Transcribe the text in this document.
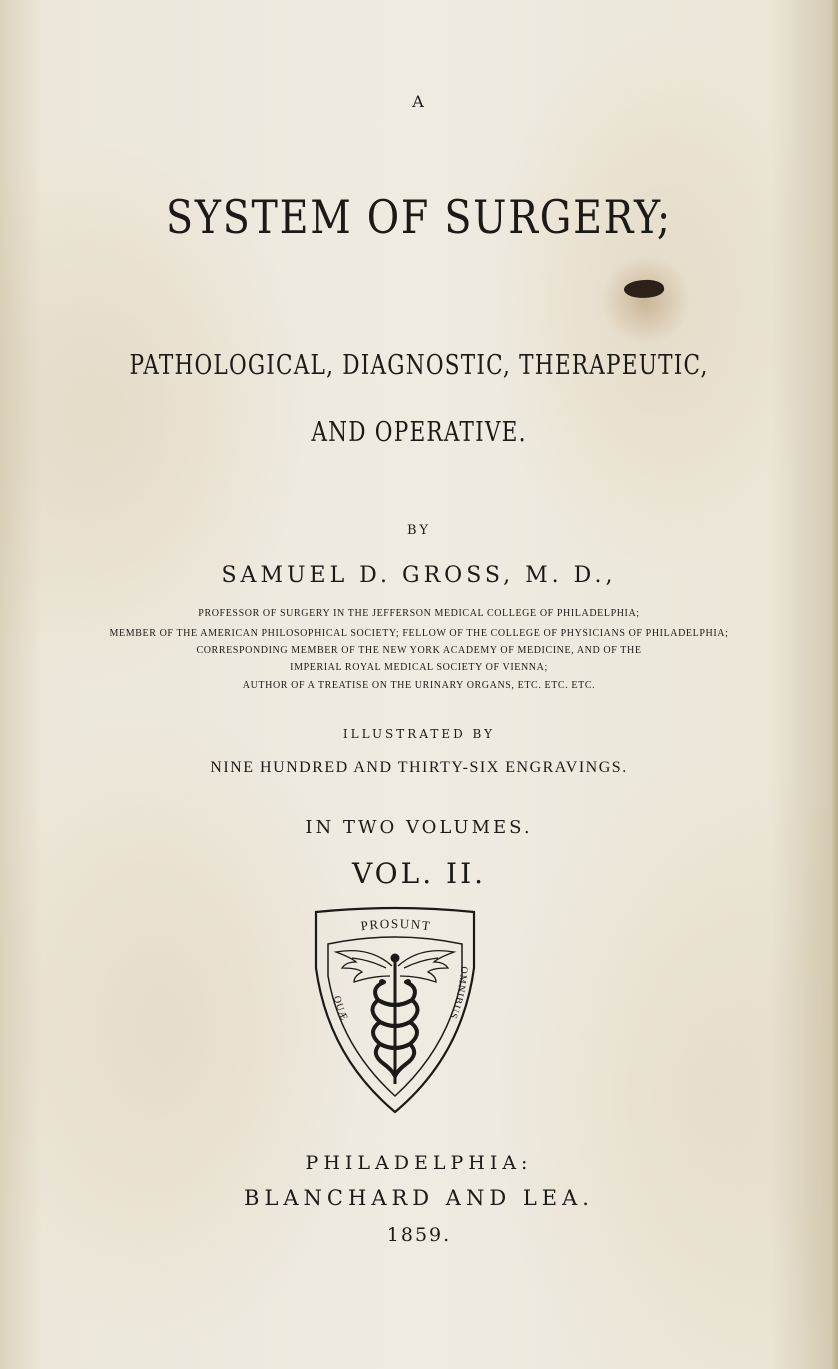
A

SYSTEM OF SURGERY;

PATHOLOGICAL, DIAGNOSTIC, THERAPEUTIC,

AND OPERATIVE.

BY

SAMUEL D. GROSS, M. D.,

PROFESSOR OF SURGERY IN THE JEFFERSON MEDICAL COLLEGE OF PHILADELPHIA;

MEMBER OF THE AMERICAN PHILOSOPHICAL SOCIETY; FELLOW OF THE COLLEGE OF PHYSICIANS OF PHILADELPHIA;

CORRESPONDING MEMBER OF THE NEW YORK ACADEMY OF MEDICINE, AND OF THE

IMPERIAL ROYAL MEDICAL SOCIETY OF VIENNA;

AUTHOR OF A TREATISE ON THE URINARY ORGANS, ETC. ETC. ETC.

ILLUSTRATED BY

NINE HUNDRED AND THIRTY-SIX ENGRAVINGS.

IN TWO VOLUMES.

VOL. II.

PROSUNT
QUÆ
OMNIBUS.

PHILADELPHIA:

BLANCHARD AND LEA.

1859.
